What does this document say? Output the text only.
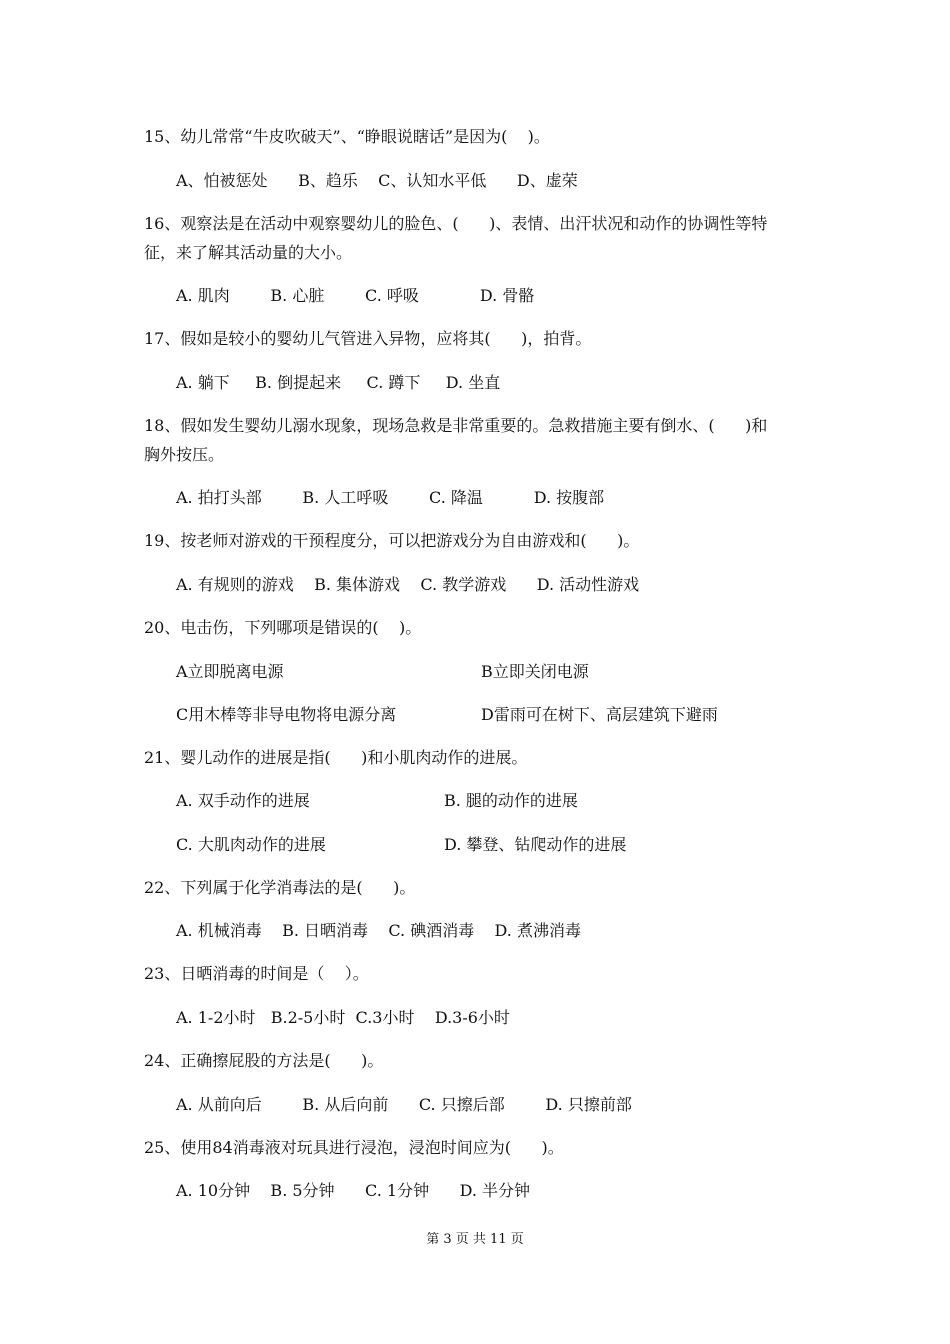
15、幼儿常常“牛皮吹破天”、“睁眼说瞎话”是因为(    )。
A、怕被惩处      B、趋乐    C、认知水平低      D、虚荣
16、观察法是在活动中观察婴幼儿的脸色、(      )、表情、出汗状况和动作的协调性等特
征，来了解其活动量的大小。
A. 肌肉        B. 心脏        C. 呼吸            D. 骨骼
17、假如是较小的婴幼儿气管进入异物，应将其(      )，拍背。
A. 躺下     B. 倒提起来     C. 蹲下     D. 坐直
18、假如发生婴幼儿溺水现象，现场急救是非常重要的。急救措施主要有倒水、(      )和
胸外按压。
A. 拍打头部        B. 人工呼吸        C. 降温          D. 按腹部
19、按老师对游戏的干预程度分，可以把游戏分为自由游戏和(      )。
A. 有规则的游戏    B. 集体游戏    C. 教学游戏      D. 活动性游戏
20、电击伤，下列哪项是错误的(    )。
A立即脱离电源	B立即关闭电源
C用木棒等非导电物将电源分离	D雷雨可在树下、高层建筑下避雨
21、婴儿动作的进展是指(      )和小肌肉动作的进展。
A. 双手动作的进展	B. 腿的动作的进展
C. 大肌肉动作的进展	D. 攀登、钻爬动作的进展
22、下列属于化学消毒法的是(      )。
A. 机械消毒    B. 日晒消毒    C. 碘酒消毒    D. 煮沸消毒
23、日晒消毒的时间是（    ）。
A. 1-2小时   B.2-5小时  C.3小时    D.3-6小时
24、正确擦屁股的方法是(      )。
A. 从前向后        B. 从后向前      C. 只擦后部        D. 只擦前部
25、使用84消毒液对玩具进行浸泡，浸泡时间应为(      )。
A. 10分钟    B. 5分钟      C. 1分钟      D. 半分钟
第 3 页 共 11 页
